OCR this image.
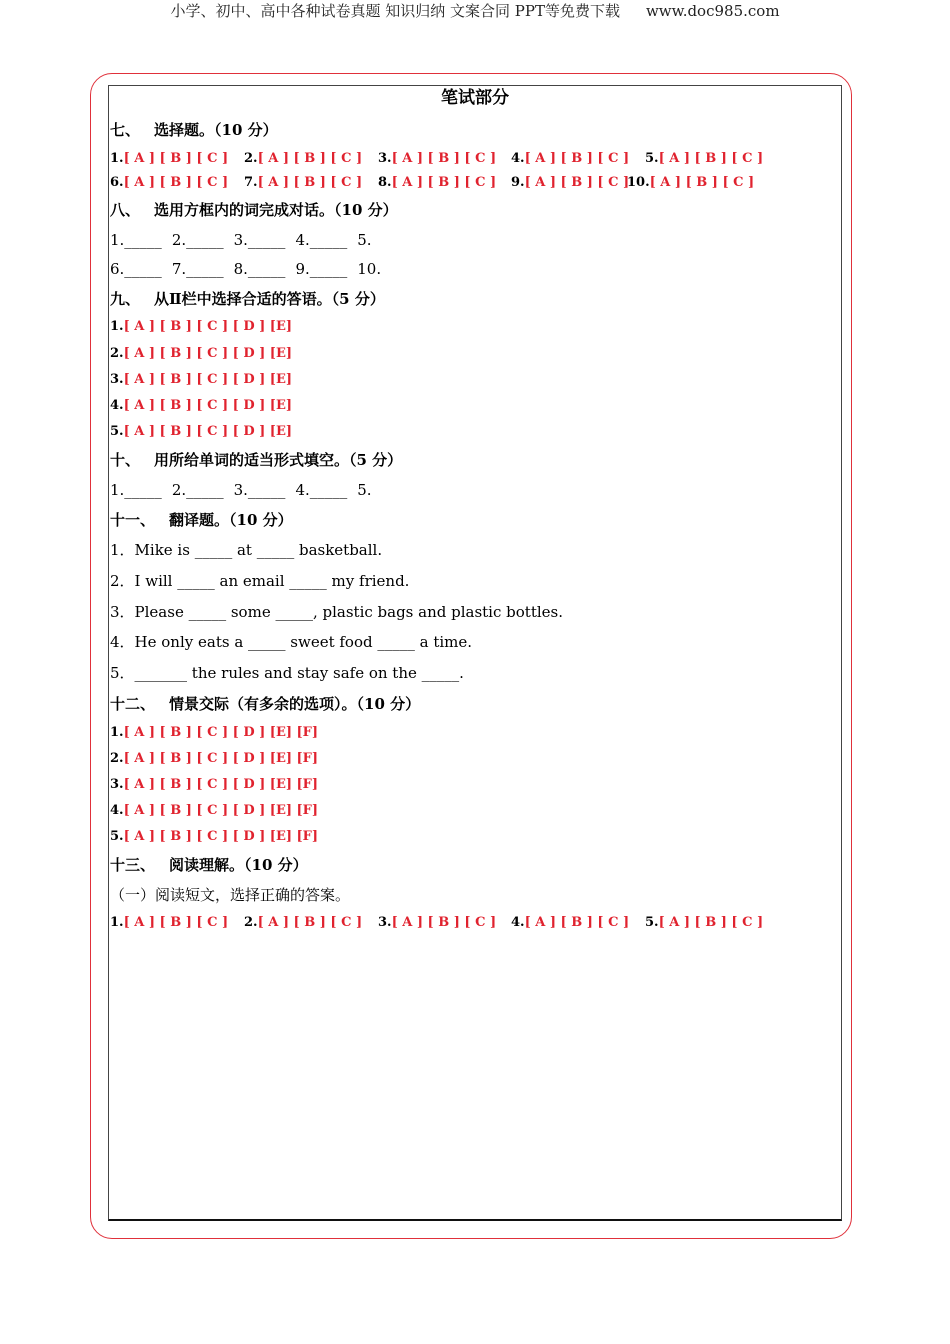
小学、初中、高中各种试卷真题 知识归纳 文案合同 PPT等免费下载 www.doc985.com
笔试部分
七、 选择题。（10 分）
1.[ A ] [ B ] [ C ] 2.[ A ] [ B ] [ C ] 3.[ A ] [ B ] [ C ] 4.[ A ] [ B ] [ C ] 5.[ A ] [ B ] [ C ]
6.[ A ] [ B ] [ C ] 7.[ A ] [ B ] [ C ] 8.[ A ] [ B ] [ C ] 9.[ A ] [ B ] [ C ]
10.[ A ] [ B ] [ C ]
八、 选用方框内的词完成对话。（10 分）
1._____ 2._____ 3._____ 4._____ 5.
6._____ 7._____ 8._____ 9._____ 10.
九、 从Ⅱ栏中选择合适的答语。（5 分）
1.[ A ] [ B ] [ C ] [ D ] [E]
2.[ A ] [ B ] [ C ] [ D ] [E]
3.[ A ] [ B ] [ C ] [ D ] [E]
4.[ A ] [ B ] [ C ] [ D ] [E]
5.[ A ] [ B ] [ C ] [ D ] [E]
十、 用所给单词的适当形式填空。（5 分）
1._____ 2._____ 3._____ 4._____ 5.
十一、 翻译题。（10 分）
1．Mike is _____ at _____ basketball.
2．I will _____ an email _____ my friend.
3．Please _____ some _____, plastic bags and plastic bottles.
4．He only eats a _____ sweet food _____ a time.
5．_______ the rules and stay safe on the _____.
十二、 情景交际（有多余的选项）。（10 分）
1.[ A ] [ B ] [ C ] [ D ] [E] [F]
2.[ A ] [ B ] [ C ] [ D ] [E] [F]
3.[ A ] [ B ] [ C ] [ D ] [E] [F]
4.[ A ] [ B ] [ C ] [ D ] [E] [F]
5.[ A ] [ B ] [ C ] [ D ] [E] [F]
十三、 阅读理解。（10 分）
（一）阅读短文，选择正确的答案。
1.[ A ] [ B ] [ C ] 2.[ A ] [ B ] [ C ] 3.[ A ] [ B ] [ C ] 4.[ A ] [ B ] [ C ] 5.[ A ] [ B ] [ C ]
